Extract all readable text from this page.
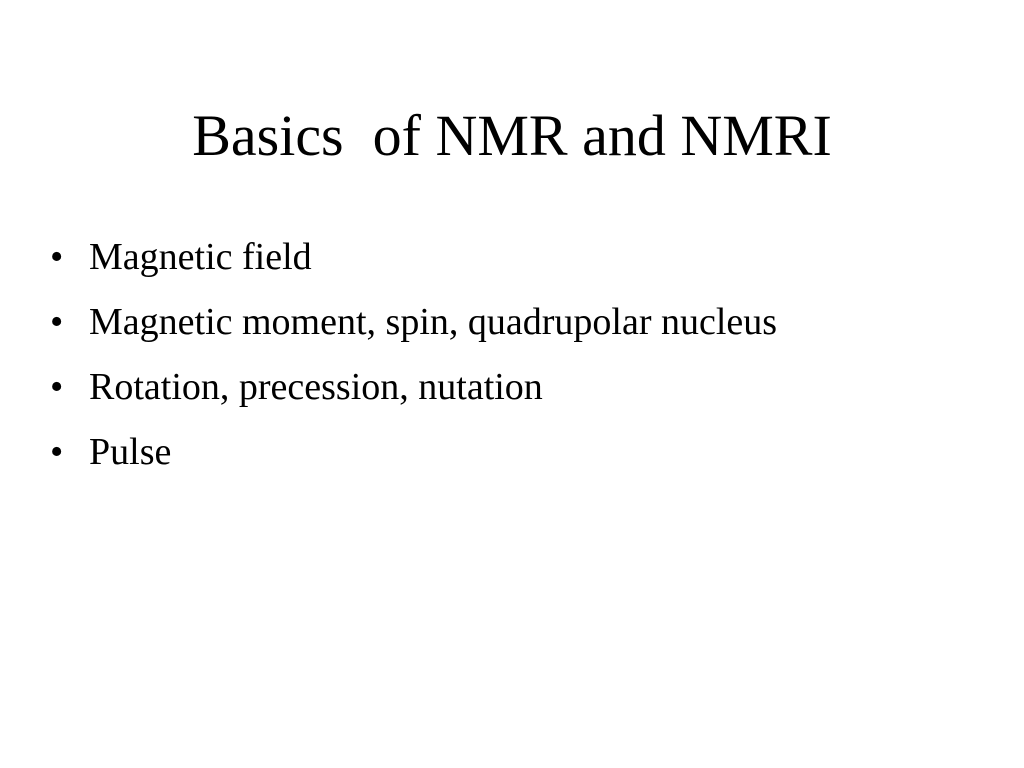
Basics  of NMR and NMRI
• Magnetic field
• Magnetic moment, spin, quadrupolar nucleus
• Rotation, precession, nutation
• Pulse
